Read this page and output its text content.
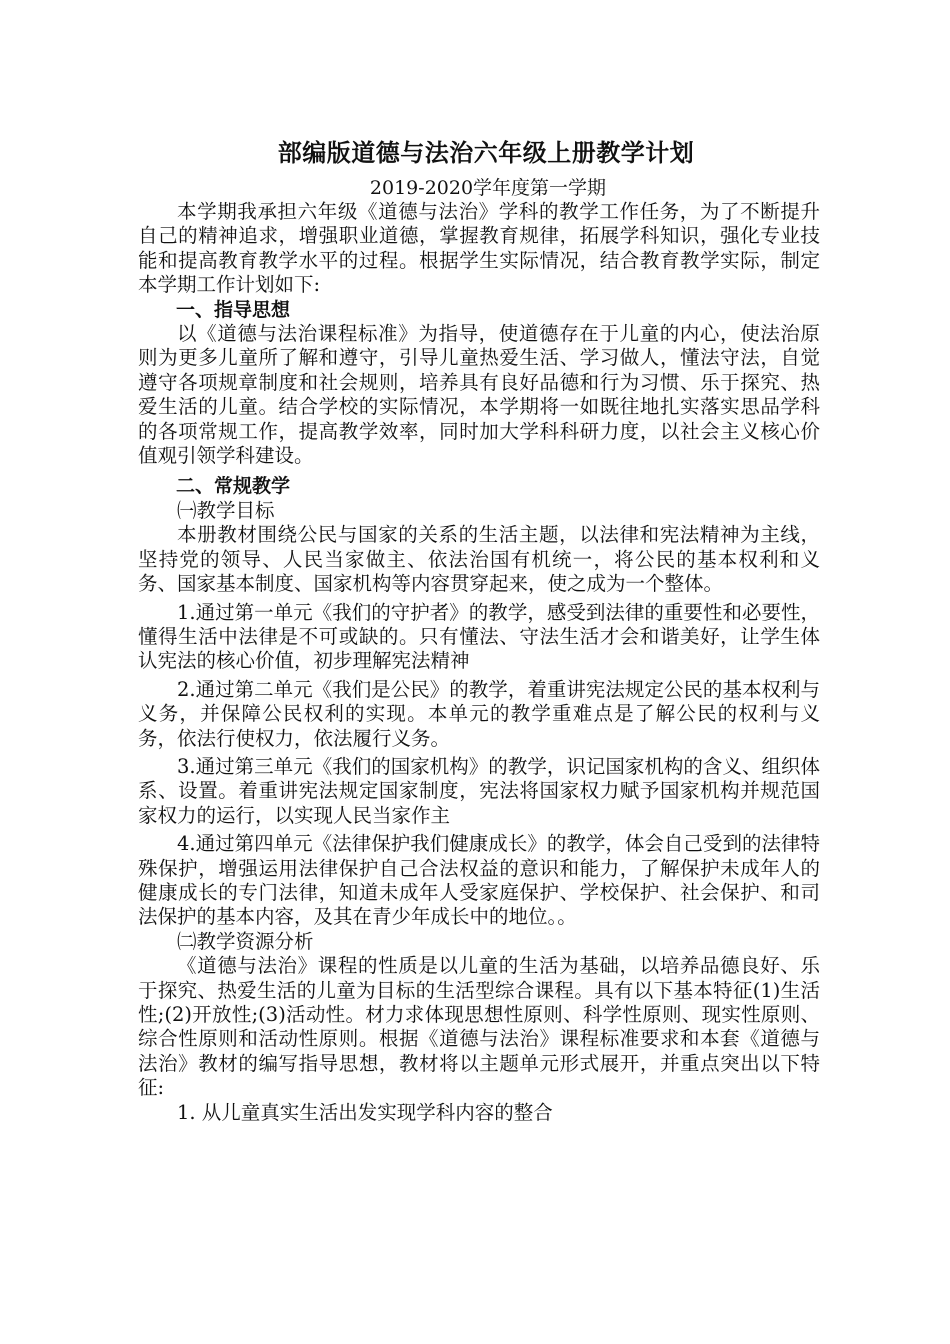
部编版道德与法治六年级上册教学计划
2019-2020学年度第一学期

本学期我承担六年级《道德与法治》学科的教学工作任务，为了不断提升自己的精神追求，增强职业道德，掌握教育规律，拓展学科知识，强化专业技能和提高教育教学水平的过程。根据学生实际情况，结合教育教学实际，制定本学期工作计划如下:

一、指导思想

以《道德与法治课程标准》为指导，使道德存在于儿童的内心，使法治原则为更多儿童所了解和遵守，引导儿童热爱生活、学习做人，懂法守法，自觉遵守各项规章制度和社会规则，培养具有良好品德和行为习惯、乐于探究、热爱生活的儿童。结合学校的实际情况，本学期将一如既往地扎实落实思品学科的各项常规工作，提高教学效率，同时加大学科科研力度，以社会主义核心价值观引领学科建设。

二、常规教学

㈠教学目标

本册教材围绕公民与国家的关系的生活主题，以法律和宪法精神为主线，坚持党的领导、人民当家做主、依法治国有机统一，将公民的基本权利和义务、国家基本制度、国家机构等内容贯穿起来，使之成为一个整体。

1.通过第一单元《我们的守护者》的教学，感受到法律的重要性和必要性，懂得生活中法律是不可或缺的。只有懂法、守法生活才会和谐美好，让学生体认宪法的核心价值，初步理解宪法精神

2.通过第二单元《我们是公民》的教学，着重讲宪法规定公民的基本权利与义务，并保障公民权利的实现。本单元的教学重难点是了解公民的权利与义务，依法行使权力，依法履行义务。

3.通过第三单元《我们的国家机构》的教学，识记国家机构的含义、组织体系、设置。着重讲宪法规定国家制度，宪法将国家权力赋予国家机构并规范国家权力的运行，以实现人民当家作主

4.通过第四单元《法律保护我们健康成长》的教学，体会自己受到的法律特殊保护，增强运用法律保护自己合法权益的意识和能力，了解保护未成年人的健康成长的专门法律，知道未成年人受家庭保护、学校保护、社会保护、和司法保护的基本内容，及其在青少年成长中的地位。。

㈡教学资源分析

《道德与法治》课程的性质是以儿童的生活为基础，以培养品德良好、乐于探究、热爱生活的儿童为目标的生活型综合课程。具有以下基本特征(1)生活性;(2)开放性;(3)活动性。材力求体现思想性原则、科学性原则、现实性原则、综合性原则和活动性原则。根据《道德与法治》课程标准要求和本套《道德与法治》教材的编写指导思想，教材将以主题单元形式展开，并重点突出以下特征:

1. 从儿童真实生活出发实现学科内容的整合
